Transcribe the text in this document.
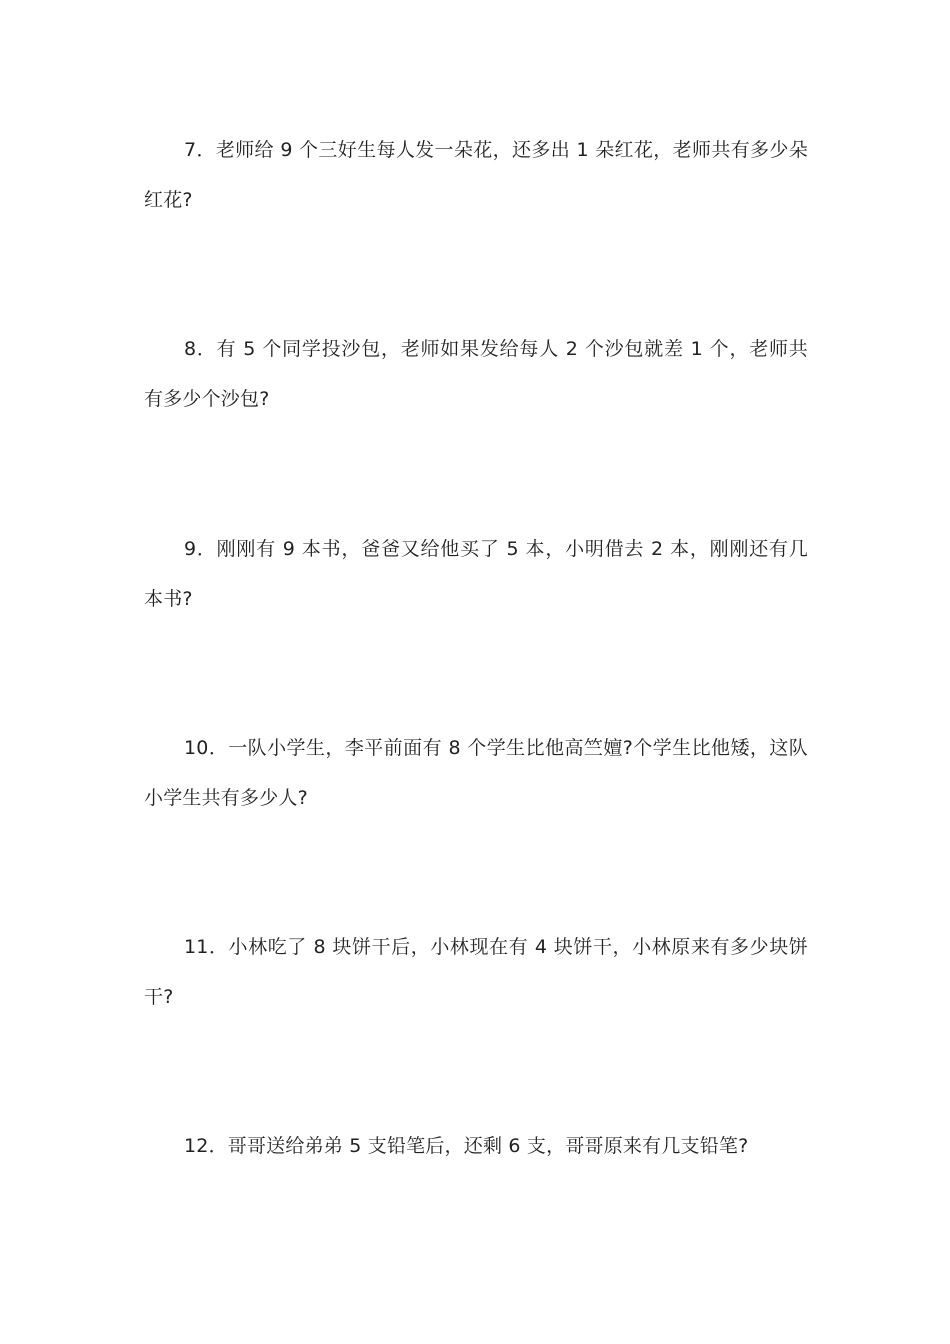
7．老师给 9 个三好生每人发一朵花，还多出 1 朵红花，老师共有多少朵红花?

8．有 5 个同学投沙包，老师如果发给每人 2 个沙包就差 1 个，老师共有多少个沙包?

9．刚刚有 9 本书，爸爸又给他买了 5 本，小明借去 2 本，刚刚还有几本书?

10．一队小学生，李平前面有 8 个学生比他高竺嬗?个学生比他矮，这队小学生共有多少人?

11．小林吃了 8 块饼干后，小林现在有 4 块饼干，小林原来有多少块饼干?

12．哥哥送给弟弟 5 支铅笔后，还剩 6 支，哥哥原来有几支铅笔?
